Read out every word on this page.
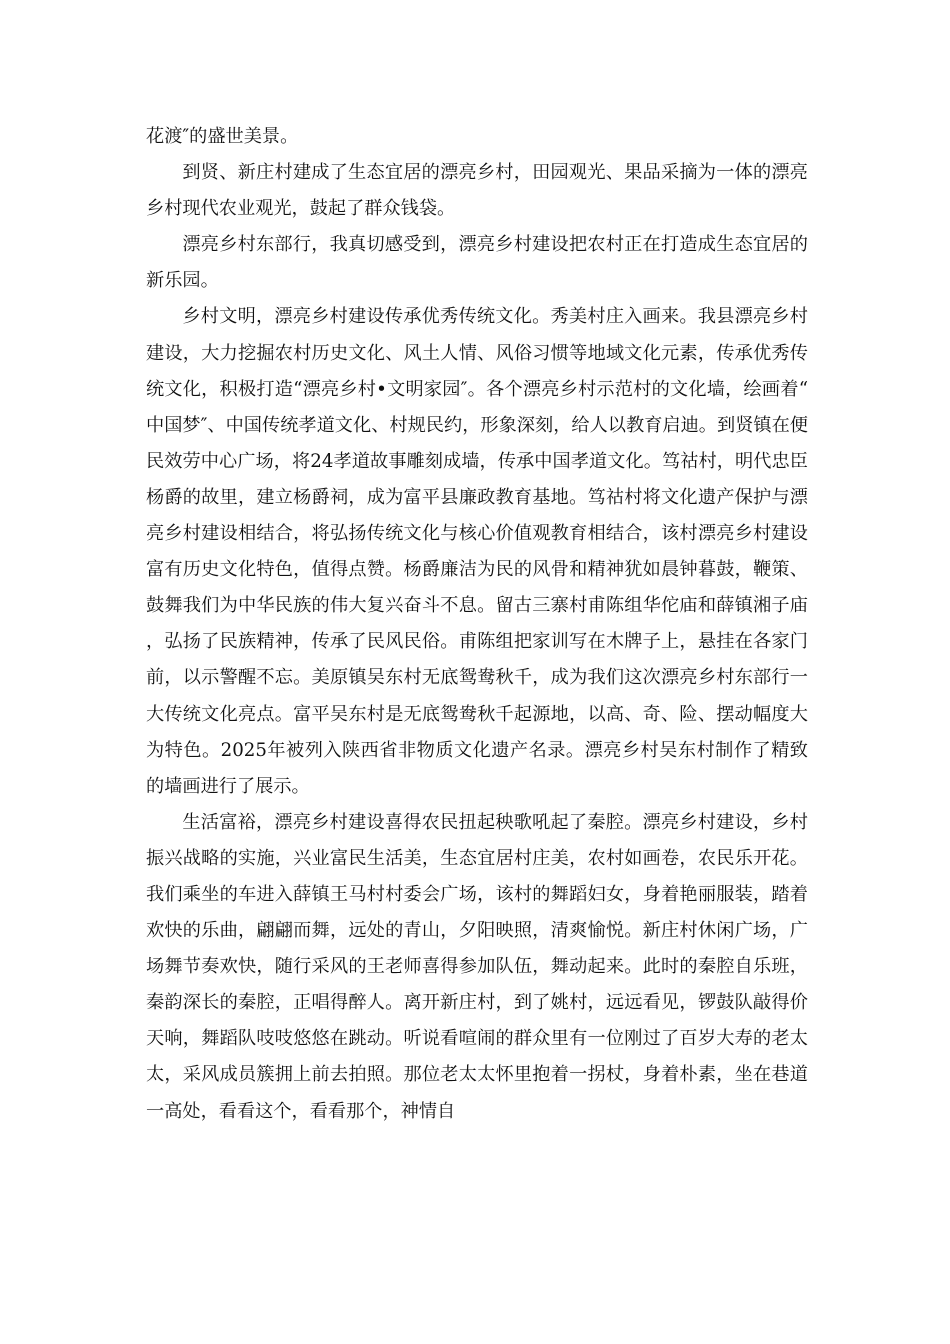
花渡″的盛世美景。

到贤、新庄村建成了生态宜居的漂亮乡村，田园观光、果品采摘为一体的漂亮乡村现代农业观光，鼓起了群众钱袋。

漂亮乡村东部行，我真切感受到，漂亮乡村建设把农村正在打造成生态宜居的新乐园。

乡村文明，漂亮乡村建设传承优秀传统文化。秀美村庄入画来。我县漂亮乡村建设，大力挖掘农村历史文化、风土人情、风俗习惯等地域文化元素，传承优秀传统文化，积极打造“漂亮乡村•文明家园″。各个漂亮乡村示范村的文化墙，绘画着“中国梦″、中国传统孝道文化、村规民约，形象深刻，给人以教育启迪。到贤镇在便民效劳中心广场，将24孝道故事雕刻成墙，传承中国孝道文化。笃祜村，明代忠臣杨爵的故里，建立杨爵祠，成为富平县廉政教育基地。笃祜村将文化遗产保护与漂亮乡村建设相结合，将弘扬传统文化与核心价值观教育相结合，该村漂亮乡村建设富有历史文化特色，值得点赞。杨爵廉洁为民的风骨和精神犹如晨钟暮鼓，鞭策、鼓舞我们为中华民族的伟大复兴奋斗不息。留古三寨村甫陈组华佗庙和薛镇湘子庙，弘扬了民族精神，传承了民风民俗。甫陈组把家训写在木牌子上，悬挂在各家门前，以示警醒不忘。美原镇吴东村无底鸳鸯秋千，成为我们这次漂亮乡村东部行一大传统文化亮点。富平吴东村是无底鸳鸯秋千起源地，以高、奇、险、摆动幅度大为特色。2025年被列入陕西省非物质文化遗产名录。漂亮乡村吴东村制作了精致的墙画进行了展示。

生活富裕，漂亮乡村建设喜得农民扭起秧歌吼起了秦腔。漂亮乡村建设，乡村振兴战略的实施，兴业富民生活美，生态宜居村庄美，农村如画卷，农民乐开花。我们乘坐的车进入薛镇王马村村委会广场，该村的舞蹈妇女，身着艳丽服装，踏着欢快的乐曲，翩翩而舞，远处的青山，夕阳映照，清爽愉悦。新庄村休闲广场，广场舞节奏欢快，随行采风的王老师喜得参加队伍，舞动起来。此时的秦腔自乐班，秦韵深长的秦腔，正唱得醉人。离开新庄村，到了姚村，远远看见，锣鼓队敲得价天响，舞蹈队吱吱悠悠在跳动。听说看喧闹的群众里有一位刚过了百岁大寿的老太太，采风成员簇拥上前去拍照。那位老太太怀里抱着一拐杖，身着朴素，坐在巷道一高处，看看这个，看看那个，神情自
